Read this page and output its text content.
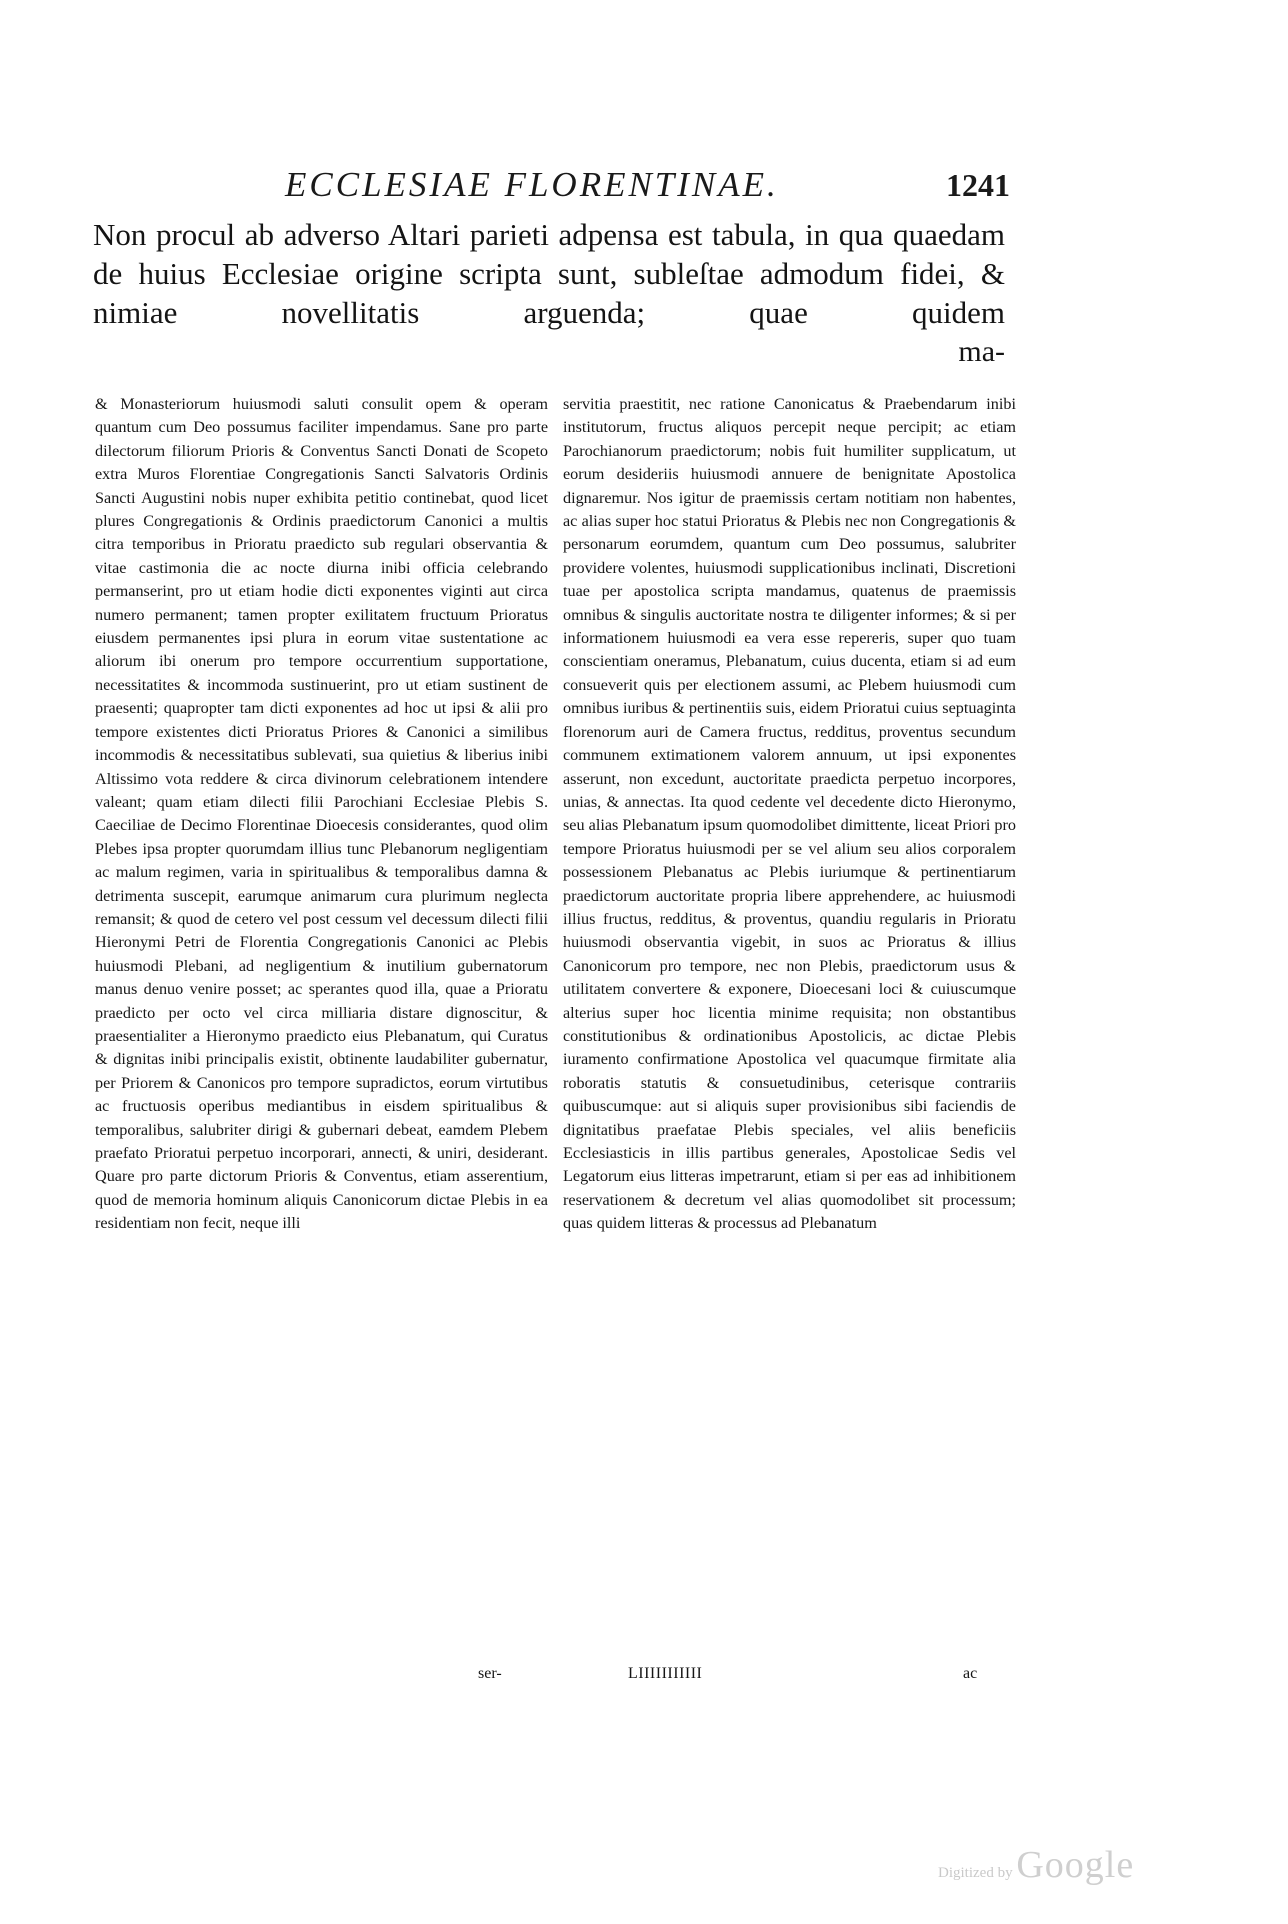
ECCLESIAE FLORENTINAE.	1241

Non procul ab adverso Altari parieti adpensa est tabula, in qua quaedam de huius Ecclesiae origine scripta sunt, subleſtae admodum fidei, & nimiae novellitatis arguenda; quae quidem

ma-

& Monasteriorum huiusmodi saluti consulit opem & operam quantum cum Deo possumus faciliter impendamus. Sane pro parte dilectorum filiorum Prioris & Conventus Sancti Donati de Scopeto extra Muros Florentiae Congregationis Sancti Salvatoris Ordinis Sancti Augustini nobis nuper exhibita petitio continebat, quod licet plures Congregationis & Ordinis praedictorum Canonici a multis citra temporibus in Prioratu praedicto sub regulari observantia & vitae castimonia die ac nocte diurna inibi officia celebrando permanserint, pro ut etiam hodie dicti exponentes viginti aut circa numero permanent; tamen propter exilitatem fructuum Prioratus eiusdem permanentes ipsi plura in eorum vitae sustentatione ac aliorum ibi onerum pro tempore occurrentium supportatione, necessitatites & incommoda sustinuerint, pro ut etiam sustinent de praesenti; quapropter tam dicti exponentes ad hoc ut ipsi & alii pro tempore existentes dicti Prioratus Priores & Canonici a similibus incommodis & necessitatibus sublevati, sua quietius & liberius inibi Altissimo vota reddere & circa divinorum celebrationem intendere valeant; quam etiam dilecti filii Parochiani Ecclesiae Plebis S. Caeciliae de Decimo Florentinae Dioecesis considerantes, quod olim Plebes ipsa propter quorumdam illius tunc Plebanorum negligentiam ac malum regimen, varia in spiritualibus & temporalibus damna & detrimenta suscepit, earumque animarum cura plurimum neglecta remansit; & quod de cetero vel post cessum vel decessum dilecti filii Hieronymi Petri de Florentia Congregationis Canonici ac Plebis huiusmodi Plebani, ad negligentium & inutilium gubernatorum manus denuo venire posset; ac sperantes quod illa, quae a Prioratu praedicto per octo vel circa milliaria distare dignoscitur, & praesentialiter a Hieronymo praedicto eius Plebanatum, qui Curatus & dignitas inibi principalis existit, obtinente laudabiliter gubernatur, per Priorem & Canonicos pro tempore supradictos, eorum virtutibus ac fructuosis operibus mediantibus in eisdem spiritualibus & temporalibus, salubriter dirigi & gubernari debeat, eamdem Plebem praefato Prioratui perpetuo incorporari, annecti, & uniri, desiderant. Quare pro parte dictorum Prioris & Conventus, etiam asserentium, quod de memoria hominum aliquis Canonicorum dictae Plebis in ea residentiam non fecit, neque illi

servitia praestitit, nec ratione Canonicatus & Praebendarum inibi institutorum, fructus aliquos percepit neque percipit; ac etiam Parochianorum praedictorum; nobis fuit humiliter supplicatum, ut eorum desideriis huiusmodi annuere de benignitate Apostolica dignaremur. Nos igitur de praemissis certam notitiam non habentes, ac alias super hoc statui Prioratus & Plebis nec non Congregationis & personarum eorumdem, quantum cum Deo possumus, salubriter providere volentes, huiusmodi supplicationibus inclinati, Discretioni tuae per apostolica scripta mandamus, quatenus de praemissis omnibus & singulis auctoritate nostra te diligenter informes; & si per informationem huiusmodi ea vera esse repereris, super quo tuam conscientiam oneramus, Plebanatum, cuius ducenta, etiam si ad eum consueverit quis per electionem assumi, ac Plebem huiusmodi cum omnibus iuribus & pertinentiis suis, eidem Prioratui cuius septuaginta florenorum auri de Camera fructus, redditus, proventus secundum communem extimationem valorem annuum, ut ipsi exponentes asserunt, non excedunt, auctoritate praedicta perpetuo incorpores, unias, & annectas. Ita quod cedente vel decedente dicto Hieronymo, seu alias Plebanatum ipsum quomodolibet dimittente, liceat Priori pro tempore Prioratus huiusmodi per se vel alium seu alios corporalem possessionem Plebanatus ac Plebis iuriumque & pertinentiarum praedictorum auctoritate propria libere apprehendere, ac huiusmodi illius fructus, redditus, & proventus, quandiu regularis in Prioratu huiusmodi observantia vigebit, in suos ac Prioratus & illius Canonicorum pro tempore, nec non Plebis, praedictorum usus & utilitatem convertere & exponere, Dioecesani loci & cuiuscumque alterius super hoc licentia minime requisita; non obstantibus constitutionibus & ordinationibus Apostolicis, ac dictae Plebis iuramento confirmatione Apostolica vel quacumque firmitate alia roboratis statutis & consuetudinibus, ceterisque contrariis quibuscumque: aut si aliquis super provisionibus sibi faciendis de dignitatibus praefatae Plebis speciales, vel aliis beneficiis Ecclesiasticis in illis partibus generales, Apostolicae Sedis vel Legatorum eius litteras impetrarunt, etiam si per eas ad inhibitionem reservationem & decretum vel alias quomodolibet sit processum; quas quidem litteras & processus ad Plebanatum

ser-	LIIIIIIIIIII	ac
Digitized by Google
